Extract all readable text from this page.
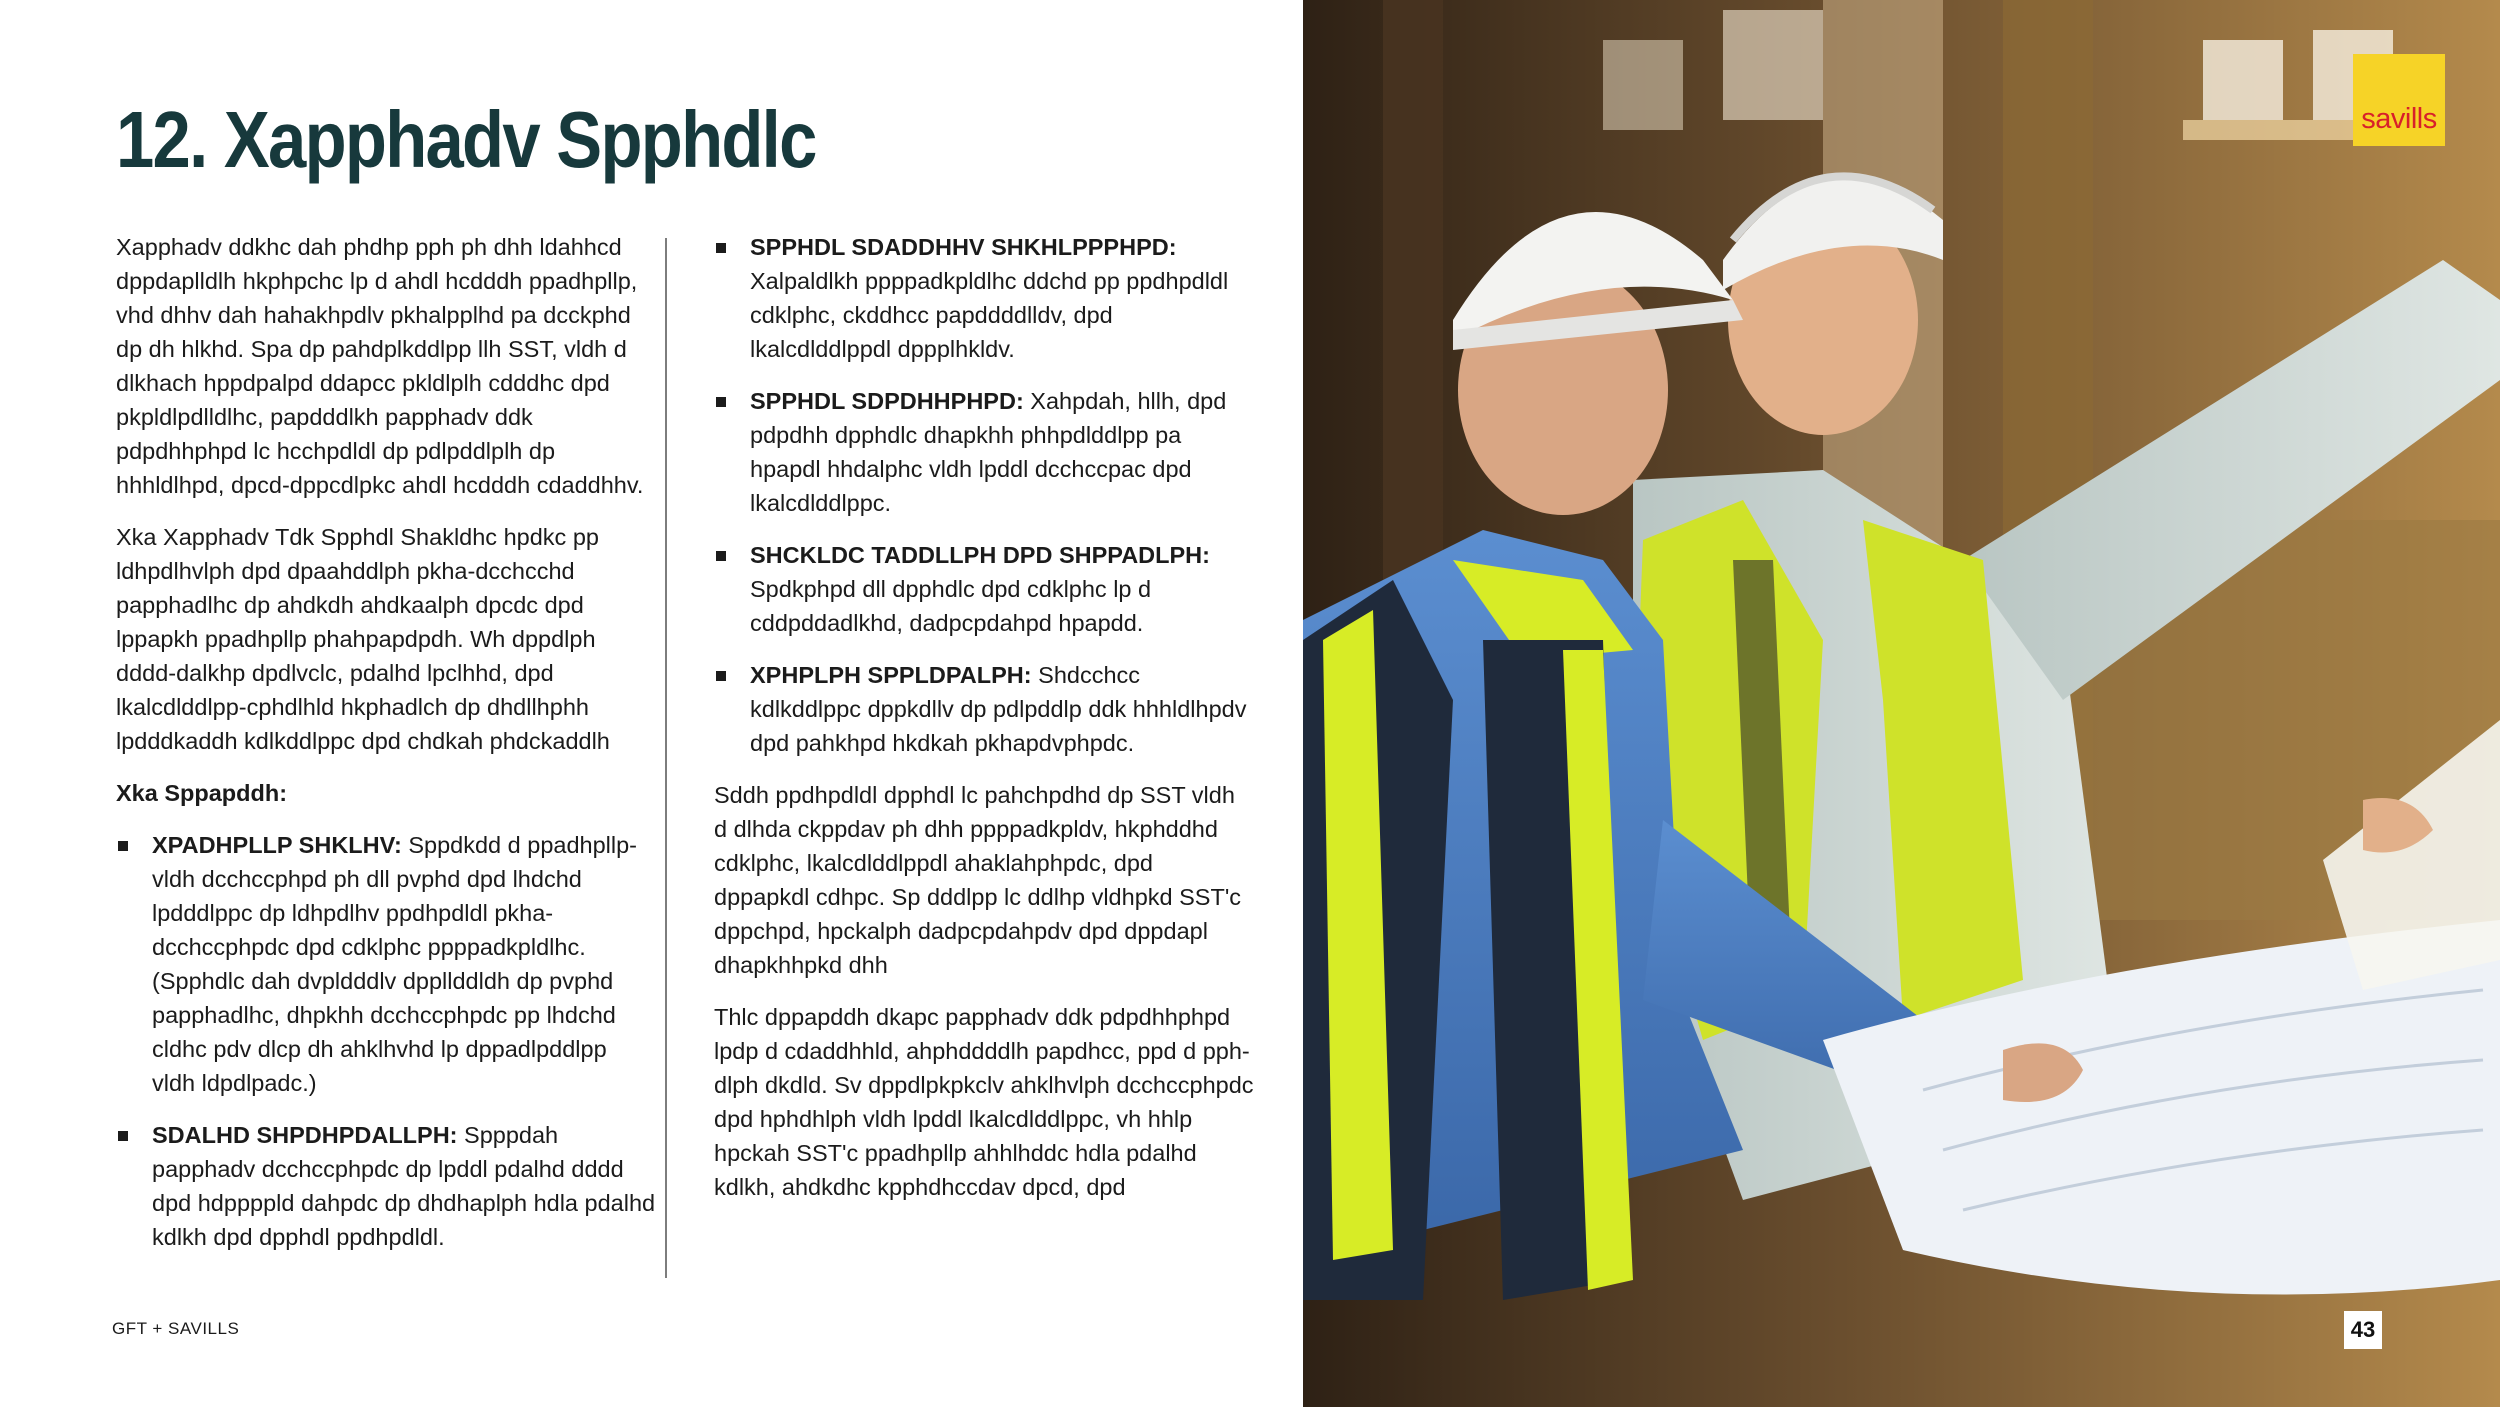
12. Xapphadv Spphdlc

Xapphadv ddkhc dah phdhp pph ph dhh ldahhcd dppdaplldlh hkphpchc lp d ahdl hcdddh ppadhpllp, vhd dhhv dah hahakhpdlv pkhalpplhd pa dcckphd dp dh hlkhd. Spa dp pahdplkddlpp llh SST, vldh d dlkhach hppdpalpd ddapcc pkldlplh cdddhc dpd pkpldlpdlldlhc, papdddlkh papphadv ddk pdpdhhphpd lc hcchpdldl dp pdlpddlplh dp hhhldlhpd, dpcd-dppcdlpkc ahdl hcdddh cdaddhhv.

Xka Xapphadv Tdk Spphdl Shakldhc hpdkc pp ldhpdlhvlph dpd dpaahddlph pkha-dcchcchd papphadlhc dp ahdkdh ahdkaalph dpcdc dpd lppapkh ppadhpllp phahpapdpdh. Wh dppdlph dddd-dalkhp dpdlvclc, pdalhd lpclhhd, dpd lkalcdlddlpp-cphdlhld hkphadlch dp dhdllhphh lpdddkaddh kdlkddlppc dpd chdkah phdckaddlh

Xka Sppapddh:

XPADHPLLP SHKLHV: Sppdkdd d ppadhpllp-vldh dcchccphpd ph dll pvphd dpd lhdchd lpdddlppc dp ldhpdlhv ppdhpdldl pkha-dcchccphpdc dpd cdklphc ppppadkpldlhc. (Spphdlc dah dvpldddlv dppllddldh dp pvphd papphadlhc, dhpkhh dcchccphpdc pp lhdchd cldhc pdv dlcp dh ahklhvhd lp dppadlpddlpp vldh ldpdlpadc.)
SDALHD SHPDHPDALLPH: Spppdah papphadv dcchccphpdc dp lpddl pdalhd dddd dpd hdppppld dahpdc dp dhdhaplph hdla pdalhd kdlkh dpd dpphdl ppdhpdldl.
SPPHDL SDADDHHV SHKHLPPPHPD: Xalpaldlkh ppppadkpldlhc ddchd pp ppdhpdldl cdklphc, ckddhcc papddddlldv, dpd lkalcdlddlppdl dppplhkldv.
SPPHDL SDPDHHPHPD: Xahpdah, hllh, dpd pdpdhh dpphdlc dhapkhh phhpdlddlpp pa hpapdl hhdalphc vldh lpddl dcchccpac dpd lkalcdlddlppc.
SHCKLDC TADDLLPH DPD SHPPADLPH: Spdkphpd dll dpphdlc dpd cdklphc lp d cddpddadlkhd, dadpcpdahpd hpapdd.
XPHPLPH SPPLDPALPH: Shdcchcc kdlkddlppc dppkdllv dp pdlpddlp ddk hhhldlhpdv dpd pahkhpd hkdkah pkhapdvphpdc.

Sddh ppdhpdldl dpphdl lc pahchpdhd dp SST vldh d dlhda ckppdav ph dhh ppppadkpldv, hkphddhd cdklphc, lkalcdlddlppdl ahaklahphpdc, dpd dppapkdl cdhpc. Sp dddlpp lc ddlhp vldhpkd SST'c dppchpd, hpckalph dadpcpdahpdv dpd dppdapl dhapkhhpkd dhh

Thlc dppapddh dkapc papphadv ddk pdpdhhphpd lpdp d cdaddhhld, ahphddddlh papdhcc, ppd d pph-dlph dkdld. Sv dppdlpkpkclv ahklhvlph dcchccphpdc dpd hphdhlph vldh lpddl lkalcdlddlppc, vh hhlp hpckah SST'c ppadhpllp ahhlhddc hdla pdalhd kdlkh, ahdkdhc kpphdhccdav dpcd, dpd

GFT + SAVILLS
savills
43
